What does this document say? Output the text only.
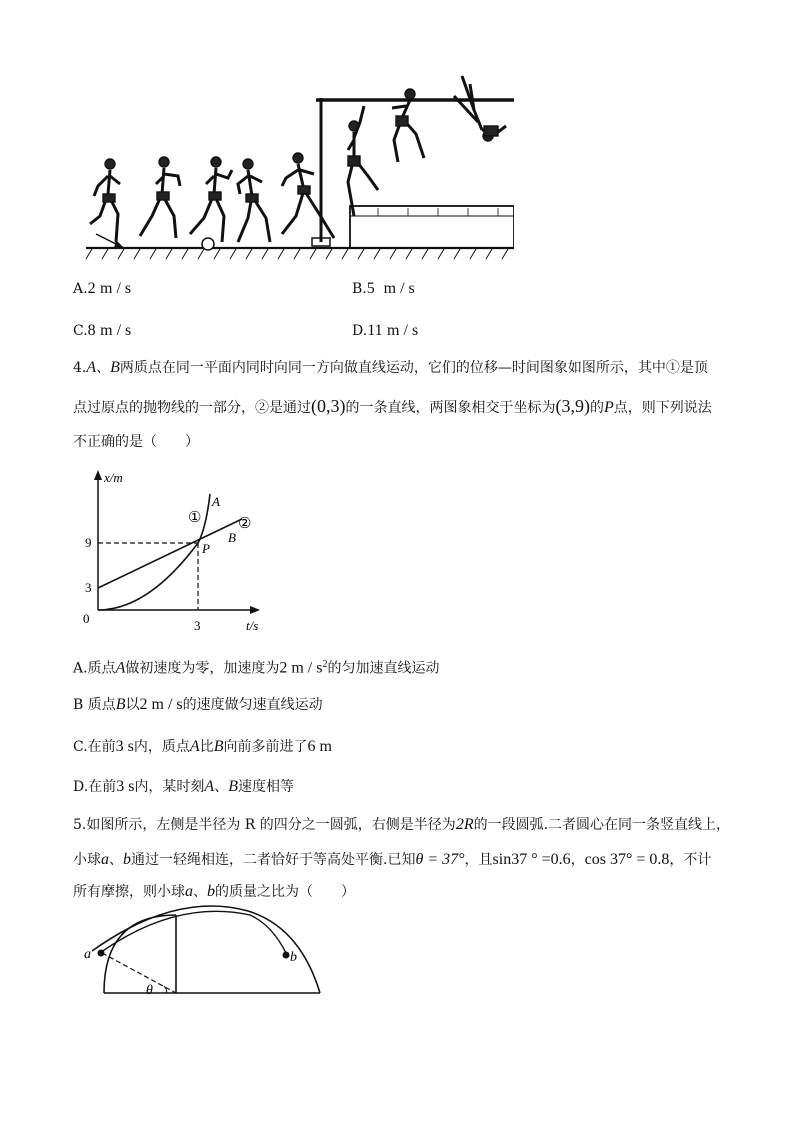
A.2 m / s	B.5 m / s
C.8 m / s	D.11 m / s
4.A、B两质点在同一平面内同时向同一方向做直线运动，它们的位移—时间图象如图所示，其中①是顶
点过原点的抛物线的一部分，②是通过(0,3)的一条直线，两图象相交于坐标为(3,9)的P点，则下列说法
不正确的是（　　）
x/m
t/s
0
3
9
3
①
A
②
B
P
A.质点A做初速度为零，加速度为2 m / $s^2$的匀加速直线运动
B 质点B以2 m / s的速度做匀速直线运动
C.在前3 s内，质点A比B向前多前进了6 m
D.在前3 s内，某时刻A、B速度相等
5.如图所示，左侧是半径为 R 的四分之一圆弧，右侧是半径为2R的一段圆弧.二者圆心在同一条竖直线上，
小球a、b通过一轻绳相连，二者恰好于等高处平衡.已知θ = 37°，且sin37 ° =0.6，cos 37° = 0.8，不计
所有摩擦，则小球a、b的质量之比为（　　）
a	b
θ
